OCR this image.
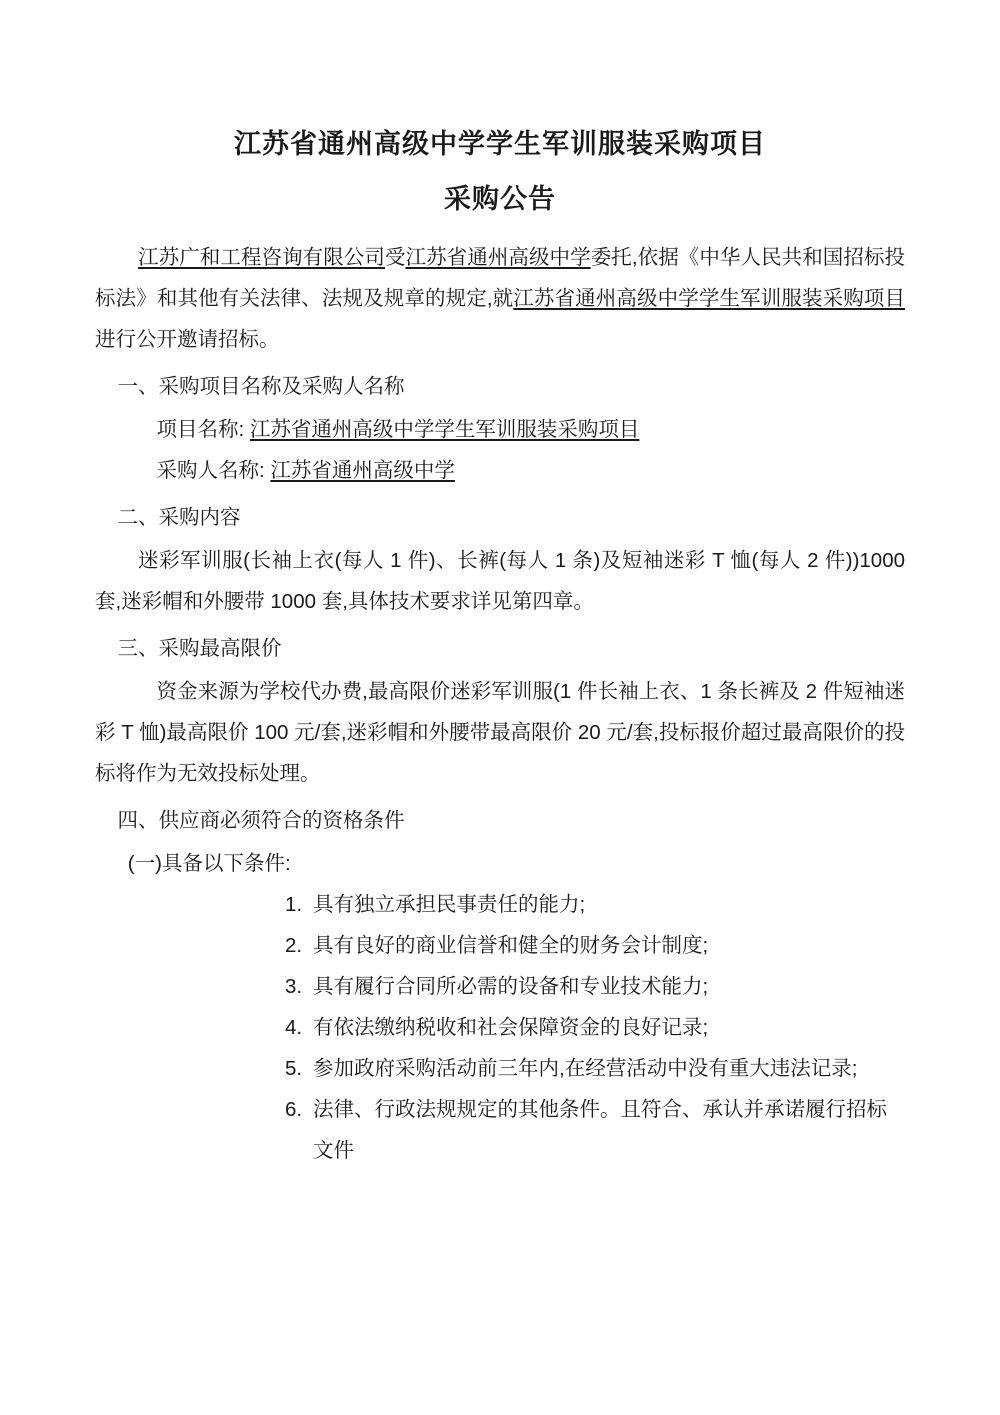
江苏省通州高级中学学生军训服装采购项目
采购公告

江苏广和工程咨询有限公司受江苏省通州高级中学委托,依据《中华人民共和国招标投标法》和其他有关法律、法规及规章的规定,就江苏省通州高级中学学生军训服装采购项目进行公开邀请招标。

一、采购项目名称及采购人名称

项目名称: 江苏省通州高级中学学生军训服装采购项目

采购人名称: 江苏省通州高级中学

二、采购内容

迷彩军训服(长袖上衣(每人 1 件)、长裤(每人 1 条)及短袖迷彩 T 恤(每人 2 件))1000 套,迷彩帽和外腰带 1000 套,具体技术要求详见第四章。

三、采购最高限价

资金来源为学校代办费,最高限价迷彩军训服(1 件长袖上衣、1 条长裤及 2 件短袖迷彩 T 恤)最高限价 100 元/套,迷彩帽和外腰带最高限价 20 元/套,投标报价超过最高限价的投标将作为无效投标处理。

四、供应商必须符合的资格条件

(一)具备以下条件:

1. 具有独立承担民事责任的能力;
2. 具有良好的商业信誉和健全的财务会计制度;
3. 具有履行合同所必需的设备和专业技术能力;
4. 有依法缴纳税收和社会保障资金的良好记录;
5. 参加政府采购活动前三年内,在经营活动中没有重大违法记录;
6. 法律、行政法规规定的其他条件。且符合、承认并承诺履行招标文件
